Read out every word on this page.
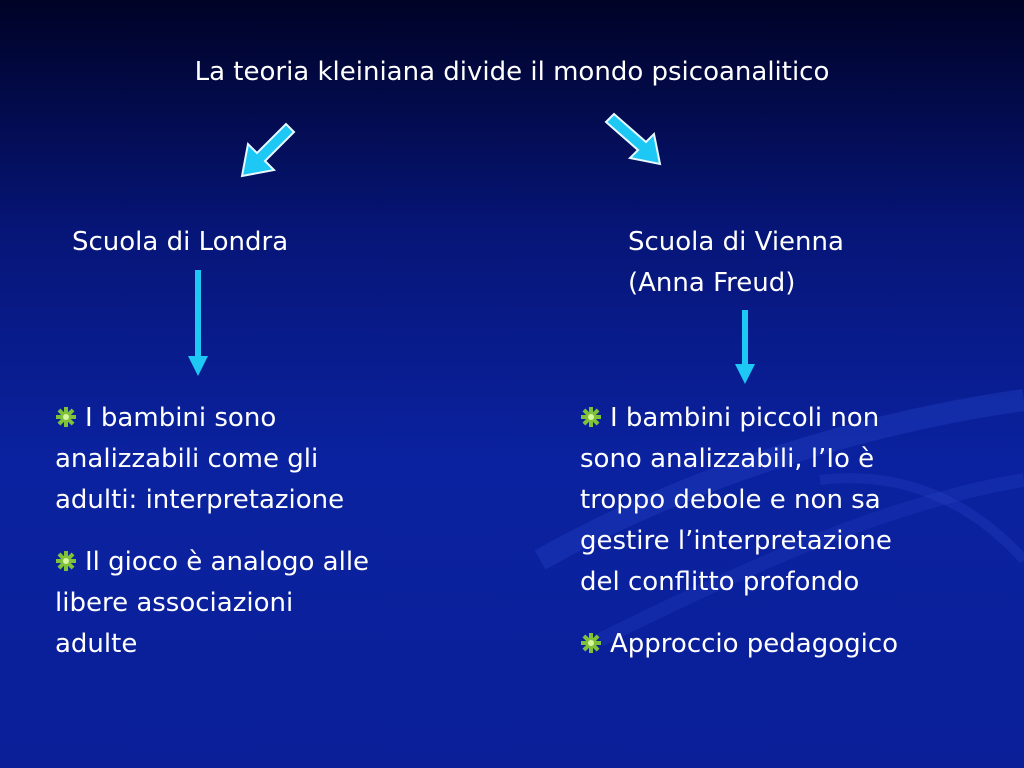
La teoria kleiniana divide il mondo psicoanalitico
Scuola di Londra	Scuola di Vienna
(Anna Freud)
I bambini sono
analizzabili come gli
adulti: interpretazione
Il gioco è analogo alle
libere associazioni
adulte
I bambini piccoli non
sono analizzabili, l’Io è
troppo debole e non sa
gestire l’interpretazione
del conflitto profondo
Approccio pedagogico
